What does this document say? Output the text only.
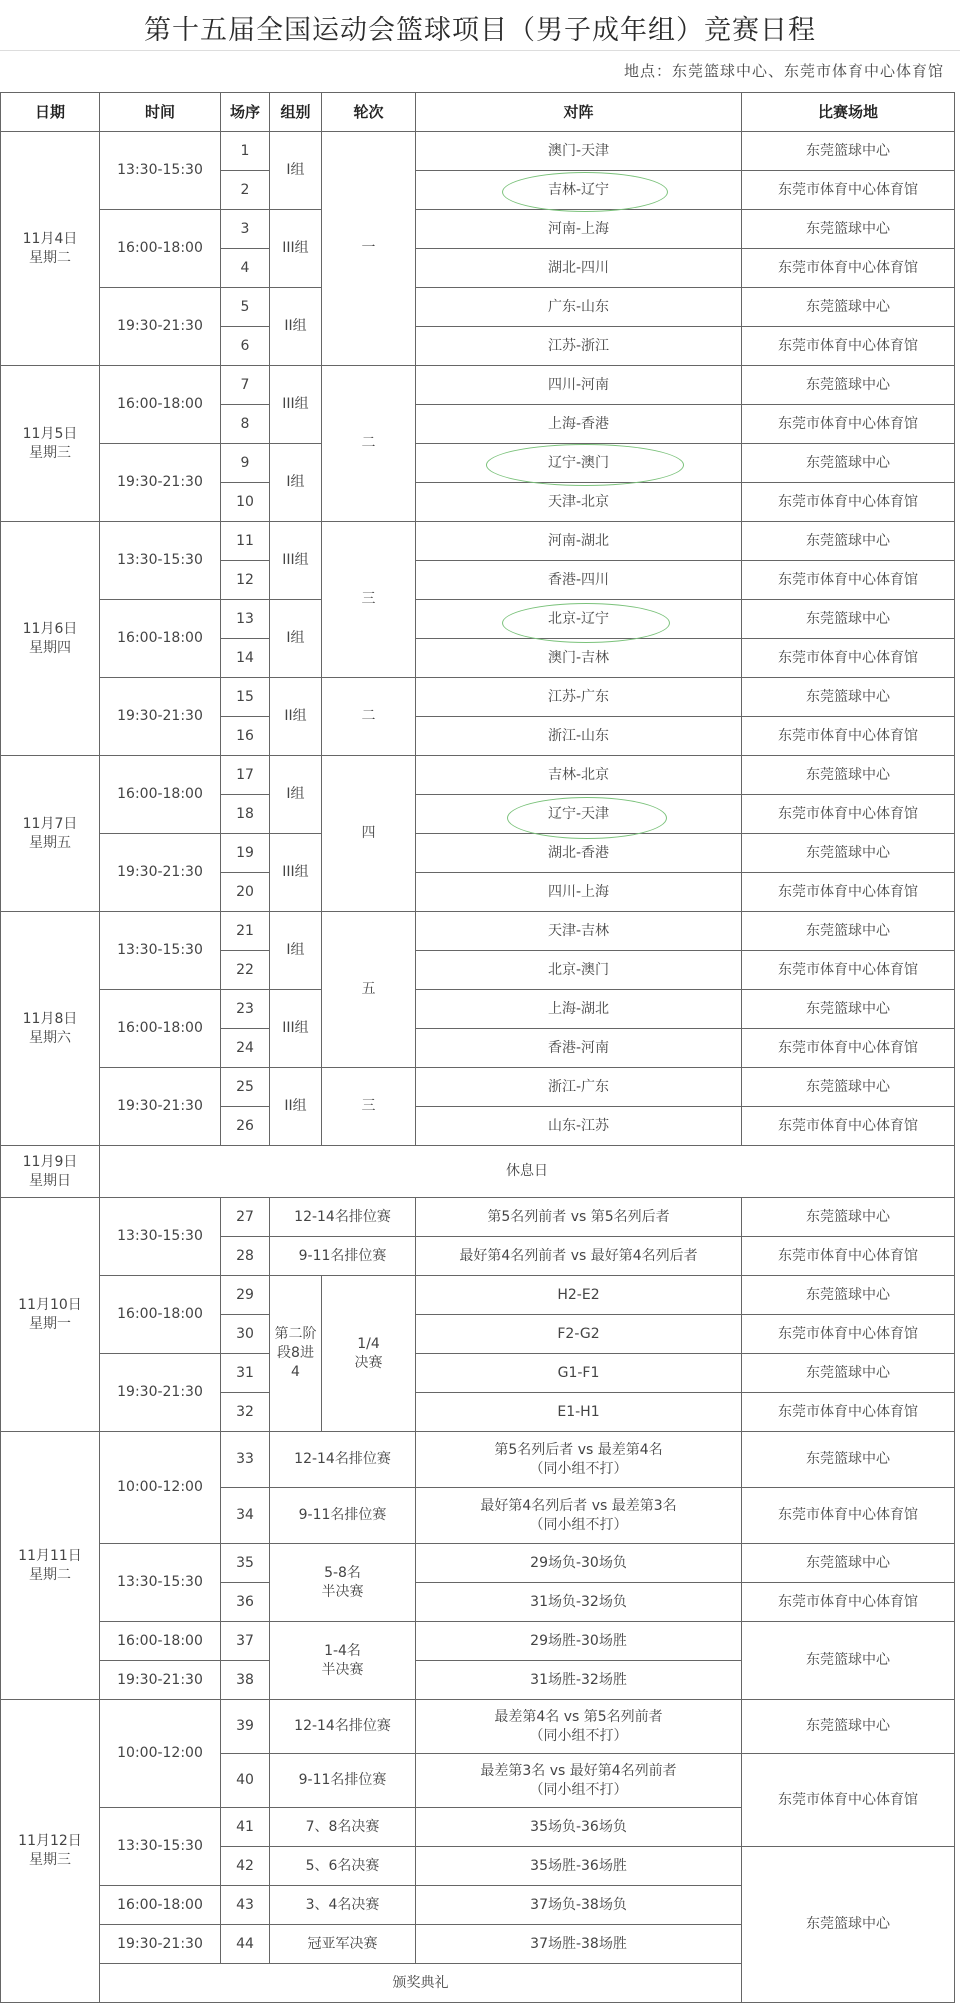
第十五届全国运动会篮球项目（男子成年组）竞赛日程
地点：东莞篮球中心、东莞市体育中心体育馆
日期	时间	场序	组别	轮次	对阵	比赛场地
11月4日
星期二	13:30-15:30	1	I组	一	澳门-天津	东莞篮球中心
		2			吉林-辽宁	东莞市体育中心体育馆
	16:00-18:00	3	III组		河南-上海	东莞篮球中心
		4			湖北-四川	东莞市体育中心体育馆
	19:30-21:30	5	II组		广东-山东	东莞篮球中心
		6			江苏-浙江	东莞市体育中心体育馆
11月5日
星期三	16:00-18:00	7	III组	二	四川-河南	东莞篮球中心
		8			上海-香港	东莞市体育中心体育馆
	19:30-21:30	9	I组		辽宁-澳门	东莞篮球中心
		10			天津-北京	东莞市体育中心体育馆
11月6日
星期四	13:30-15:30	11	III组	三	河南-湖北	东莞篮球中心
		12			香港-四川	东莞市体育中心体育馆
	16:00-18:00	13	I组		北京-辽宁	东莞篮球中心
		14			澳门-吉林	东莞市体育中心体育馆
	19:30-21:30	15	II组	二	江苏-广东	东莞篮球中心
		16			浙江-山东	东莞市体育中心体育馆
11月7日
星期五	16:00-18:00	17	I组	四	吉林-北京	东莞篮球中心
		18			辽宁-天津	东莞市体育中心体育馆
	19:30-21:30	19	III组		湖北-香港	东莞篮球中心
		20			四川-上海	东莞市体育中心体育馆
11月8日
星期六	13:30-15:30	21	I组	五	天津-吉林	东莞篮球中心
		22			北京-澳门	东莞市体育中心体育馆
	16:00-18:00	23	III组		上海-湖北	东莞篮球中心
		24			香港-河南	东莞市体育中心体育馆
	19:30-21:30	25	II组	三	浙江-广东	东莞篮球中心
		26			山东-江苏	东莞市体育中心体育馆
11月9日
星期日	休息日					
11月10日
星期一	13:30-15:30	27	12-14名排位赛		第5名列前者 vs 第5名列后者	东莞篮球中心
		28	9-11名排位赛		最好第4名列前者 vs 最好第4名列后者	东莞市体育中心体育馆
	16:00-18:00	29	第二阶
段8进
4	1/4
决赛	H2-E2	东莞篮球中心
		30			F2-G2	东莞市体育中心体育馆
	19:30-21:30	31			G1-F1	东莞篮球中心
		32			E1-H1	东莞市体育中心体育馆
11月11日
星期二	10:00-12:00	33	12-14名排位赛		第5名列后者 vs 最差第4名
（同小组不打）	东莞篮球中心
		34	9-11名排位赛		最好第4名列后者 vs 最差第3名
（同小组不打）	东莞市体育中心体育馆
	13:30-15:30	35	5-8名
半决赛		29场负-30场负	东莞篮球中心
		36			31场负-32场负	东莞市体育中心体育馆
	16:00-18:00	37	1-4名
半决赛		29场胜-30场胜	东莞篮球中心
	19:30-21:30	38			31场胜-32场胜	
11月12日
星期三	10:00-12:00	39	12-14名排位赛		最差第4名 vs 第5名列前者
（同小组不打）	东莞篮球中心
		40	9-11名排位赛		最差第3名 vs 最好第4名列前者
（同小组不打）	东莞市体育中心体育馆
	13:30-15:30	41	7、8名决赛		35场负-36场负	
		42	5、6名决赛		35场胜-36场胜	东莞篮球中心
	16:00-18:00	43	3、4名决赛		37场负-38场负	
	19:30-21:30	44	冠亚军决赛		37场胜-38场胜	
	颁奖典礼					
